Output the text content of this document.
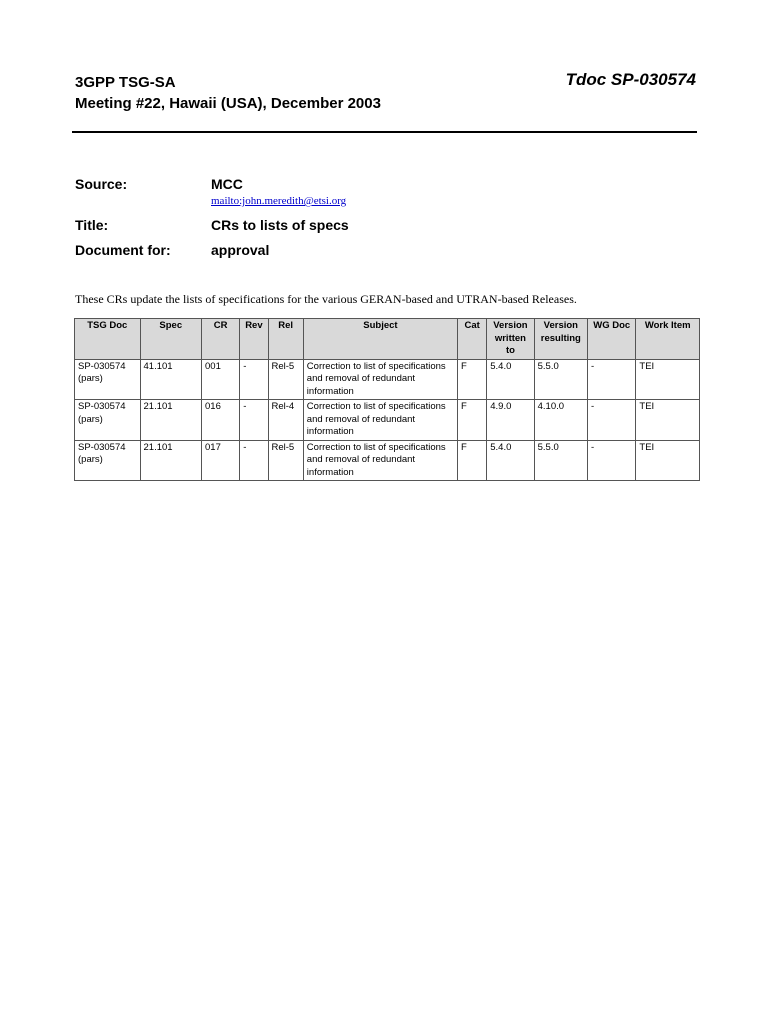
3GPP TSG-SA
Meeting #22, Hawaii (USA), December 2003
Tdoc SP-030574
Source:	MCC
mailto:john.meredith@etsi.org
Title:	CRs to lists of specs
Document for:	approval
These CRs update the lists of specifications for the various GERAN-based and UTRAN-based Releases.
TSG Doc	Spec	CR	Rev	Rel	Subject	Cat	Version written to	Version resulting	WG Doc	Work Item
SP-030574 (pars)	41.101	001	-	Rel-5	Correction to list of specifications and removal of redundant information	F	5.4.0	5.5.0	-	TEI
SP-030574 (pars)	21.101	016	-	Rel-4	Correction to list of specifications and removal of redundant information	F	4.9.0	4.10.0	-	TEI
SP-030574 (pars)	21.101	017	-	Rel-5	Correction to list of specifications and removal of redundant information	F	5.4.0	5.5.0	-	TEI
